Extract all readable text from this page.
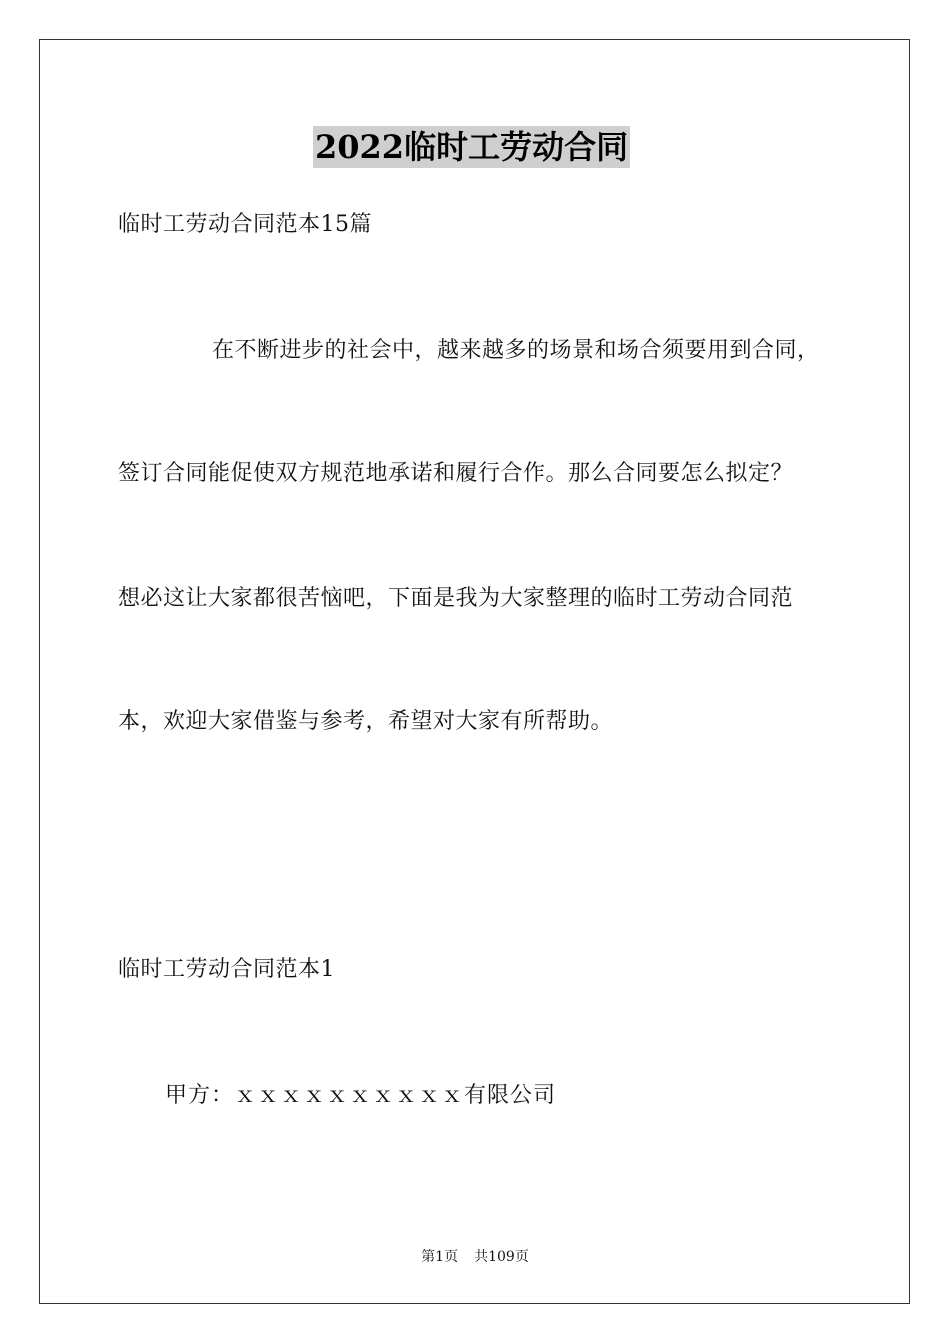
2022临时工劳动合同
临时工劳动合同范本15篇
在不断进步的社会中，越来越多的场景和场合须要用到合同，
签订合同能促使双方规范地承诺和履行合作。那么合同要怎么拟定？
想必这让大家都很苦恼吧，下面是我为大家整理的临时工劳动合同范
本，欢迎大家借鉴与参考，希望对大家有所帮助。
临时工劳动合同范本1
甲方：ｘｘｘｘｘｘｘｘｘｘ有限公司
第1页 共109页
